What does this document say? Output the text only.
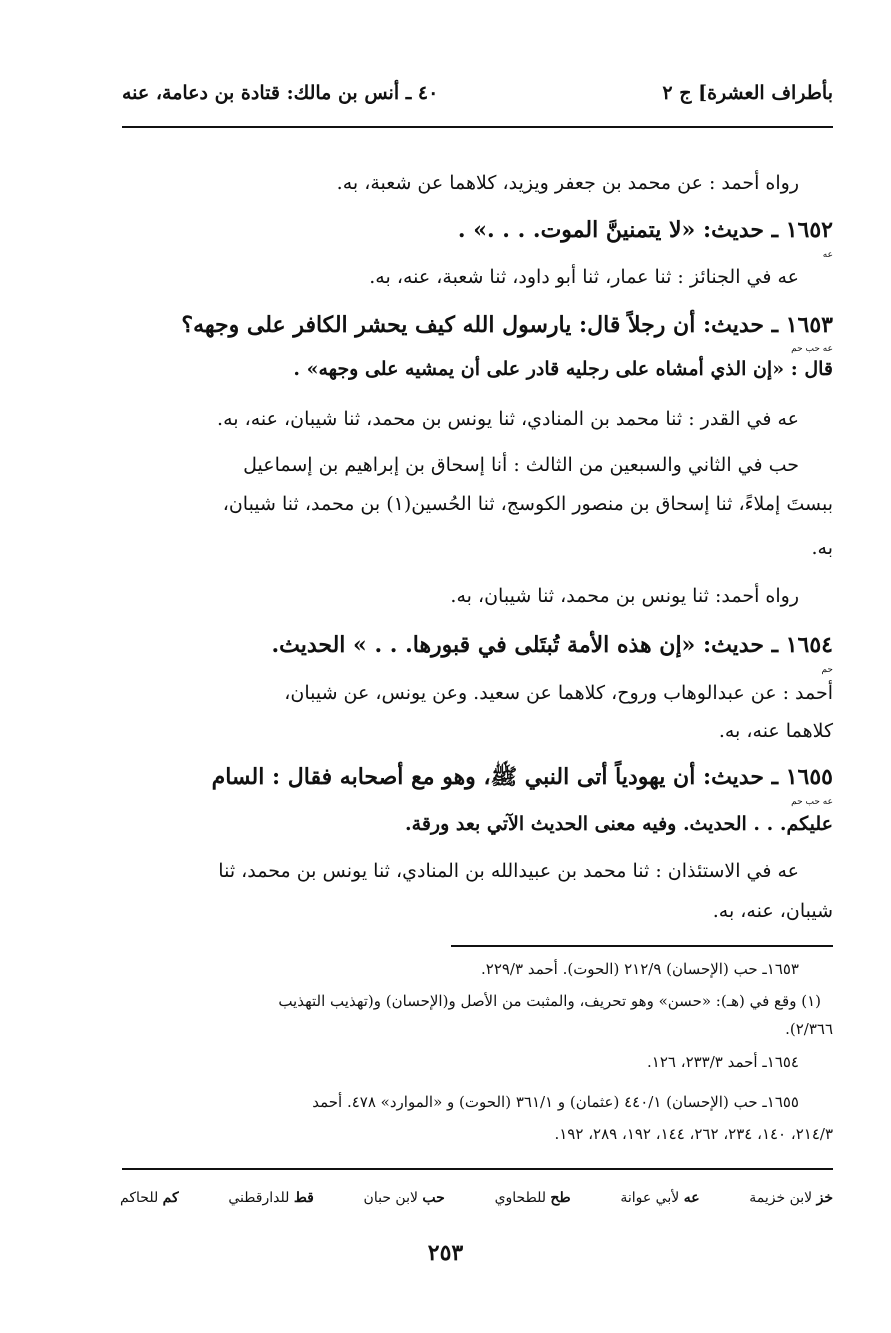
بأطراف العشرة] ج ٢
٤٠ ـ أنس بن مالك: قتادة بن دعامة، عنه
رواه أحمد : عن محمد بن جعفر ويزيد، كلاهما عن شعبة، به.
١٦٥٢ ـ حديث: «لا يتمنينَّ الموت. . . .» .
عه
عه في الجنائز : ثنا عمار، ثنا أبو داود، ثنا شعبة، عنه، به.
١٦٥٣ ـ حديث: أن رجلاً قال: يارسول الله كيف يحشر الكافر على وجهه؟
عه حب حم
قال : «إن الذي أمشاه على رجليه قادر على أن يمشيه على وجهه» .
عه في القدر : ثنا محمد بن المنادي، ثنا يونس بن محمد، ثنا شيبان، عنه، به.
حب في الثاني والسبعين من الثالث : أنا إسحاق بن إبراهيم بن إسماعيل
ببستَ إملاءً، ثنا إسحاق بن منصور الكوسج، ثنا الحُسين(١) بن محمد، ثنا شيبان،
به.
رواه أحمد: ثنا يونس بن محمد، ثنا شيبان، به.
١٦٥٤ ـ حديث: «إن هذه الأمة تُبتَلى في قبورها. . . » الحديث.
حم
أحمد : عن عبدالوهاب وروح، كلاهما عن سعيد. وعن يونس، عن شيبان،
كلاهما عنه، به.
١٦٥٥ ـ حديث: أن يهودياً أتى النبي ﷺ، وهو مع أصحابه فقال : السام
عه حب حم
عليكم. . . الحديث. وفيه معنى الحديث الآتي بعد ورقة.
عه في الاستئذان : ثنا محمد بن عبيدالله بن المنادي، ثنا يونس بن محمد، ثنا
شيبان، عنه، به.
١٦٥٣ـ حب (الإحسان) ٢١٢/٩ (الحوت). أحمد ٢٢٩/٣.
(١) وقع في (هـ): «حسن» وهو تحريف، والمثبت من الأصل و(الإحسان) و(تهذيب التهذيب
٢/٣٦٦).
١٦٥٤ـ أحمد ٢٣٣/٣، ١٢٦.
١٦٥٥ـ حب (الإحسان) ٤٤٠/١ (عثمان) و ٣٦١/١ (الحوت) و «الموارد» ٤٧٨. أحمد
٢١٤/٣، ١٤٠، ٢٣٤، ٢٦٢، ١٤٤، ١٩٢، ٢٨٩، ١٩٢.
خز لابن خزيمة
عه لأبي عوانة
طح للطحاوي
حب لابن حبان
قط للدارقطني
كم للحاكم
٢٥٣
